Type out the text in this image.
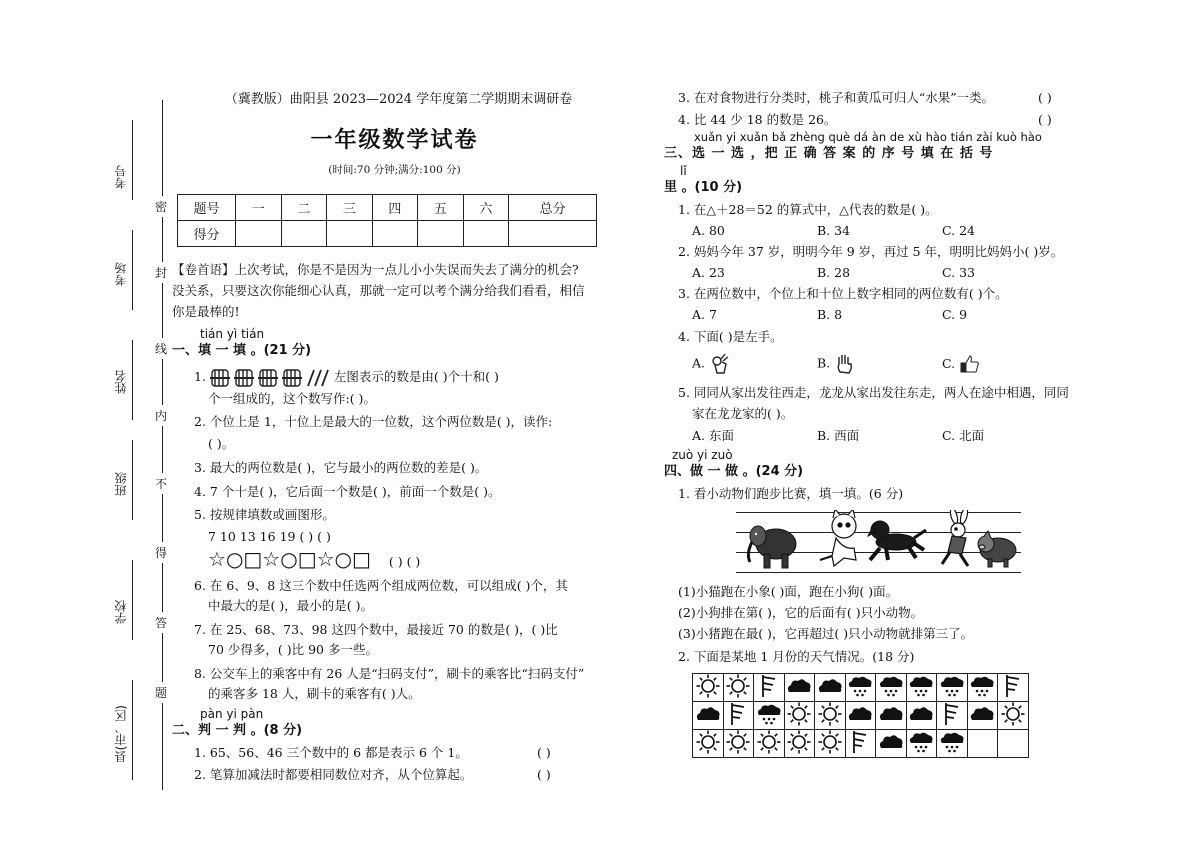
密
封
线
内
不
得
答
题
考号
考场
姓名
班级
学校
县(市、区)
（冀教版）曲阳县 2023—2024 学年度第二学期期末调研卷
一年级数学试卷
(时间:70 分钟;满分:100 分)
题号	一	二	三	四	五	六	总分
得分							
【卷首语】上次考试，你是不是因为一点儿小小失误而失去了满分的机会?
没关系，只要这次你能细心认真，那就一定可以考个满分给我们看看，相信
你是最棒的!
tián yì tián
一、填 一 填 。(21 分)
1.	左图表示的数是由( )个十和( )
个一组成的，这个数写作:( )。
2. 个位上是 1，十位上是最大的一位数，这个两位数是( )，读作:
( )。
3. 最大的两位数是( )，它与最小的两位数的差是( )。
4. 7 个十是( )，它后面一个数是( )，前面一个数是( )。
5. 按规律填数或画图形。
7 10 13 16 19 ( ) ( )
☆○□☆○□☆○□ ( ) ( )
6. 在 6、9、8 这三个数中任选两个组成两位数，可以组成( )个，其
中最大的是( )，最小的是( )。
7. 在 25、68、73、98 这四个数中，最接近 70 的数是( )，( )比
70 少得多，( )比 90 多一些。
8. 公交车上的乘客中有 26 人是“扫码支付”，刷卡的乘客比“扫码支付”
的乘客多 18 人，刷卡的乘客有( )人。
pàn yi pàn
二、判 一 判 。(8 分)
1. 65、56、46 三个数中的 6 都是表示 6 个 1。	( )
2. 笔算加减法时都要相同数位对齐，从个位算起。	( )
3. 在对食物进行分类时，桃子和黄瓜可归人“水果”一类。	( )
4. 比 44 少 18 的数是 26。	( )
xuǎn yi xuǎn bǎ zhèng què dá àn de xù hào tián zài kuò hào
三、选 一 选 ，把 正 确 答 案 的 序 号 填 在 括 号
lǐ
里 。(10 分)
1. 在△＋28＝52 的算式中，△代表的数是( )。
A. 80	B. 34	C. 24
2. 妈妈今年 37 岁，明明今年 9 岁，再过 5 年，明明比妈妈小( )岁。
A. 23	B. 28	C. 33
3. 在两位数中，个位上和十位上数字相同的两位数有( )个。
A. 7	B. 8	C. 9
4. 下面( )是左手。
A.	B.	C.
5. 同同从家出发往西走，龙龙从家出发往东走，两人在途中相遇，同同
家在龙龙家的( )。
A. 东面	B. 西面	C. 北面
zuò yi zuò
四、做 一 做 。(24 分)
1. 看小动物们跑步比赛，填一填。(6 分)
(1)小猫跑在小象( )面，跑在小狗( )面。
(2)小狗排在第( )，它的后面有( )只小动物。
(3)小猪跑在最( )，它再超过( )只小动物就排第三了。
2. 下面是某地 1 月份的天气情况。(18 分)
